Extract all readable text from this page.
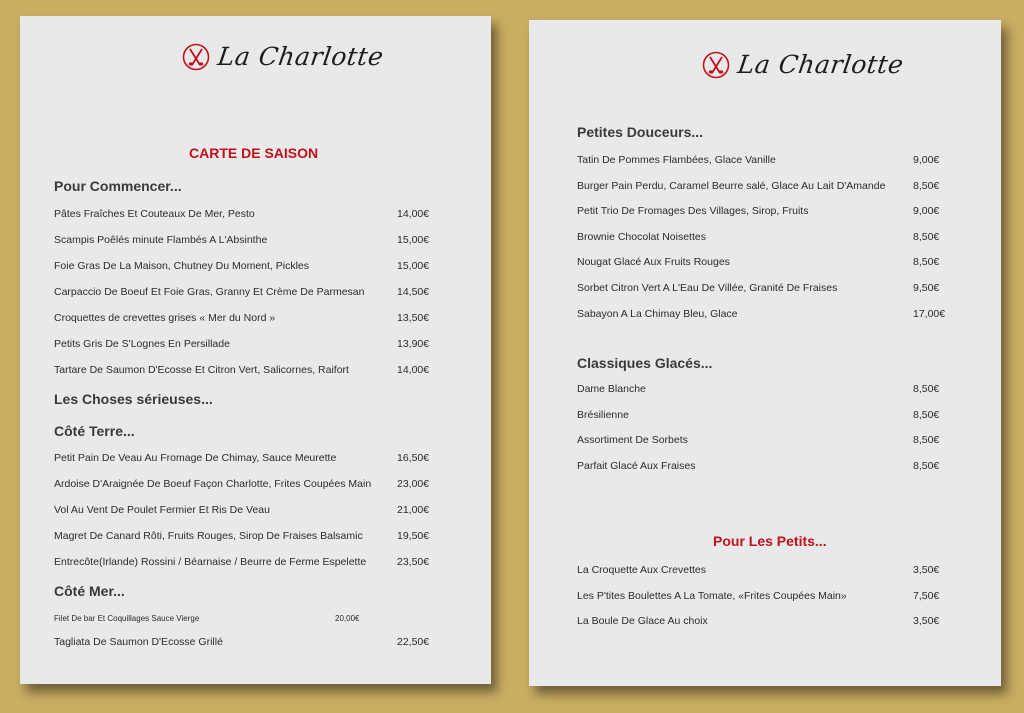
La Charlotte
CARTE DE SAISON
Pour Commencer...
Pâtes Fraîches Et Couteaux De Mer, Pesto	14,00€
Scampis Poêlés minute Flambés A L'Absinthe	15,00€
Foie Gras De La Maison, Chutney Du Moment, Pickles	15,00€
Carpaccio De Boeuf Et Foie Gras, Granny Et Crème De Parmesan	14,50€
Croquettes de crevettes grises « Mer du Nord »	13,50€
Petits Gris De S'Lognes En Persillade	13,90€
Tartare De Saumon D'Ecosse Et Citron Vert, Salicornes, Raifort	14,00€
Les Choses sérieuses...
Côté Terre...
Petit Pain De Veau Au Fromage De Chimay, Sauce Meurette	16,50€
Ardoise D'Araignée De Boeuf Façon Charlotte, Frites Coupées Main 23,00€
Vol Au Vent De Poulet Fermier Et Ris De Veau	21,00€
Magret De Canard Rôti, Fruits Rouges, Sirop De Fraises Balsamic	19,50€
Entrecôte(Irlande) Rossini / Béarnaise / Beurre de Ferme Espelette	23,50€
Côté Mer...
Filet De bar Et Coquillages Sauce Vierge	20,00€
Tagliata De Saumon D'Ecosse Grillé	22,50€
La Charlotte
Petites Douceurs...
Tatin De Pommes Flambées, Glace Vanille	9,00€
Burger Pain Perdu, Caramel Beurre salé, Glace Au Lait D'Amande	8,50€
Petit Trio De Fromages Des Villages, Sirop, Fruits	9,00€
Brownie Chocolat Noisettes	8,50€
Nougat Glacé Aux Fruits Rouges	8,50€
Sorbet Citron Vert A L'Eau De Villée, Granité De Fraises	9,50€
Sabayon A La Chimay Bleu, Glace	17,00€
Classiques Glacés...
Dame Blanche	8,50€
Brésilienne	8,50€
Assortiment De Sorbets	8,50€
Parfait Glacé Aux Fraises	8,50€
Pour Les Petits...
La Croquette Aux Crevettes	3,50€
Les P'tites Boulettes A La Tomate, «Frites Coupées Main»	7,50€
La Boule De Glace Au choix	3,50€
